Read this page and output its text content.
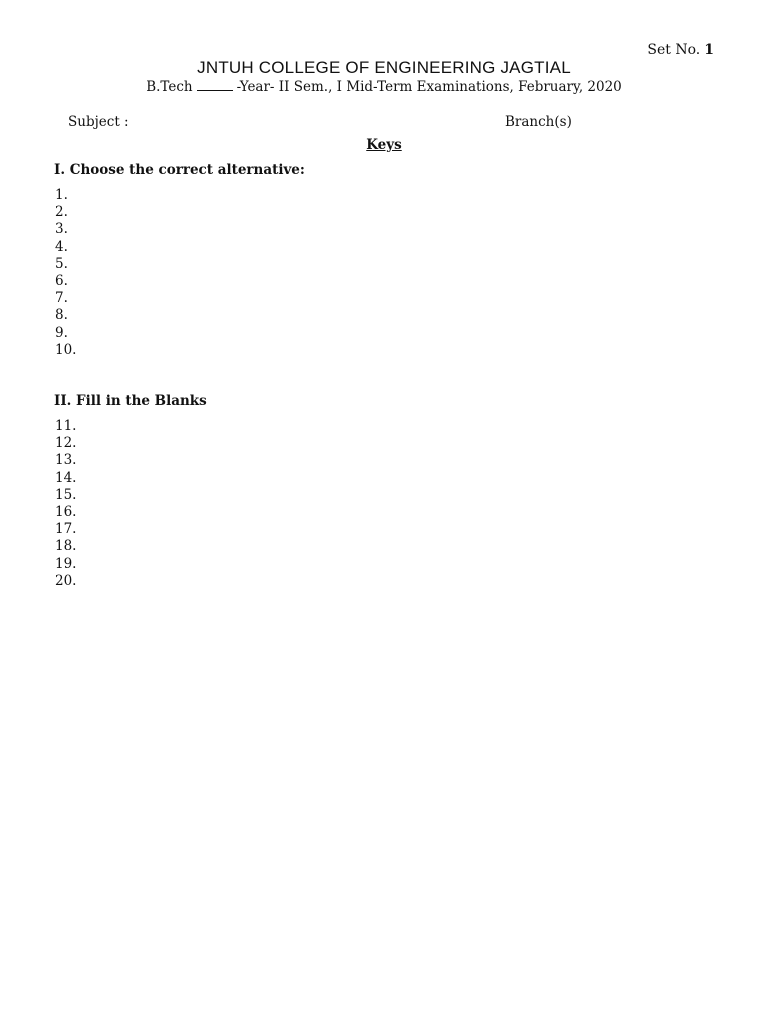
Set No. 1
JNTUH COLLEGE OF ENGINEERING JAGTIAL
B.Tech	-Year- II Sem., I Mid-Term Examinations, February, 2020
Subject :	Branch(s)
Keys
I. Choose the correct alternative:
1.
2.
3.
4.
5.
6.
7.
8.
9.
10.
II. Fill in the Blanks
11.
12.
13.
14.
15.
16.
17.
18.
19.
20.
